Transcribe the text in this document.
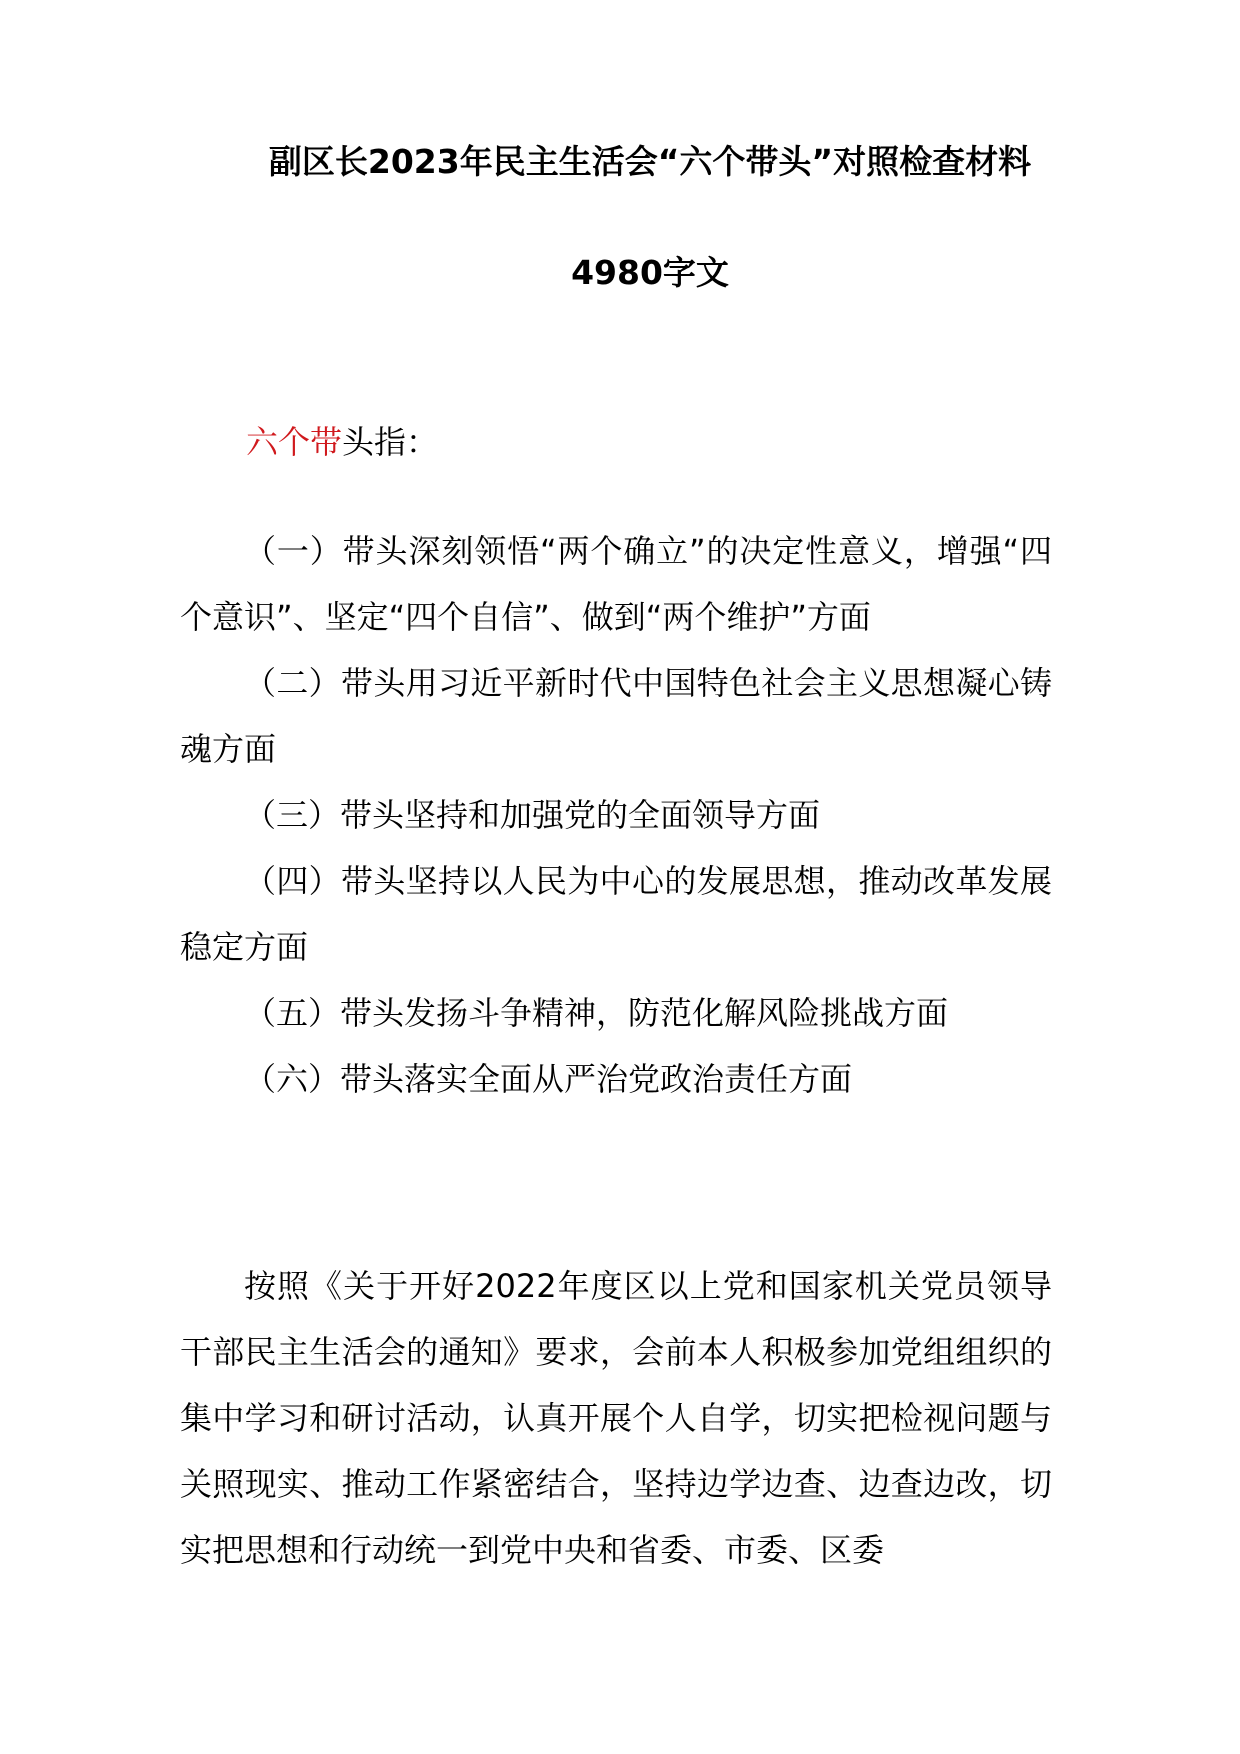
副区长2023年民主生活会“六个带头”对照检查材料
4980字文
六个带头指：

（一）带头深刻领悟“两个确立”的决定性意义，增强“四个意识”、坚定“四个自信”、做到“两个维护”方面

（二）带头用习近平新时代中国特色社会主义思想凝心铸魂方面

（三）带头坚持和加强党的全面领导方面

（四）带头坚持以人民为中心的发展思想，推动改革发展稳定方面

（五）带头发扬斗争精神，防范化解风险挑战方面

（六）带头落实全面从严治党政治责任方面

按照《关于开好2022年度区以上党和国家机关党员领导干部民主生活会的通知》要求，会前本人积极参加党组组织的集中学习和研讨活动，认真开展个人自学，切实把检视问题与关照现实、推动工作紧密结合，坚持边学边查、边查边改，切实把思想和行动统一到党中央和省委、市委、区委
